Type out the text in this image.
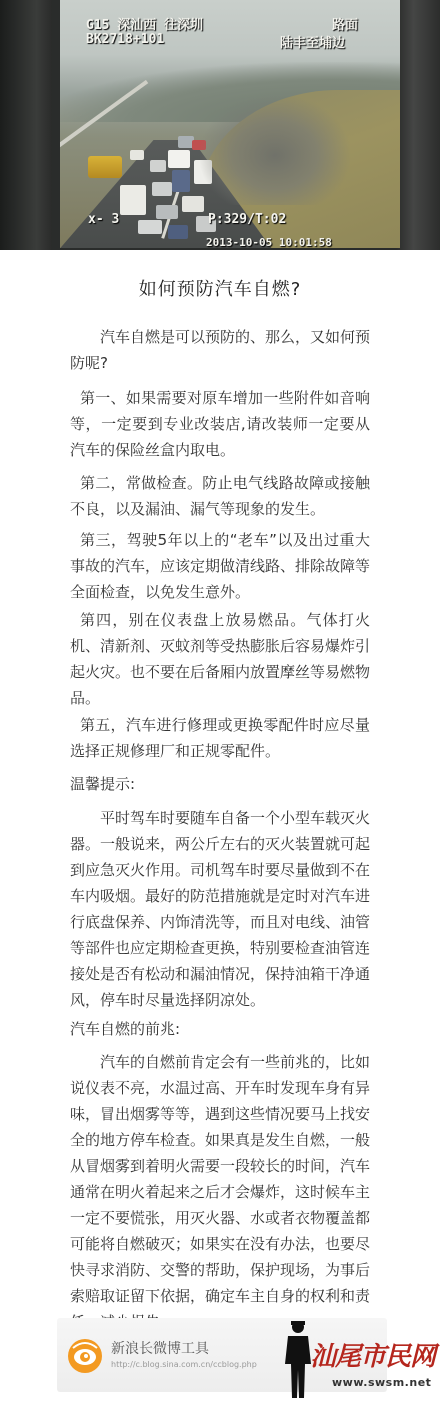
G15 深汕西 往深圳
BK2718+101
路面
陆丰至埔边
x- 3	P:329/T:02
2013-10-05 10:01:58
如何预防汽车自燃?
汽车自燃是可以预防的、那么，又如何预防呢?
第一、如果需要对原车增加一些附件如音响等，一定要到专业改装店,请改装师一定要从汽车的保险丝盒内取电。
第二，常做检查。防止电气线路故障或接触不良，以及漏油、漏气等现象的发生。
第三，驾驶5年以上的“老车”以及出过重大事故的汽车，应该定期做清线路、排除故障等全面检查，以免发生意外。
第四，别在仪表盘上放易燃品。气体打火机、清新剂、灭蚊剂等受热膨胀后容易爆炸引起火灾。也不要在后备厢内放置摩丝等易燃物品。
第五，汽车进行修理或更换零配件时应尽量选择正规修理厂和正规零配件。
温馨提示:
平时驾车时要随车自备一个小型车载灭火器。一般说来，两公斤左右的灭火装置就可起到应急灭火作用。司机驾车时要尽量做到不在车内吸烟。最好的防范措施就是定时对汽车进行底盘保养、内饰清洗等，而且对电线、油管等部件也应定期检查更换，特别要检查油管连接处是否有松动和漏油情况，保持油箱干净通风，停车时尽量选择阴凉处。
汽车自燃的前兆:
汽车的自燃前肯定会有一些前兆的，比如说仪表不亮，水温过高、开车时发现车身有异味，冒出烟雾等等，遇到这些情况要马上找安全的地方停车检查。如果真是发生自燃，一般从冒烟雾到着明火需要一段较长的时间，汽车通常在明火着起来之后才会爆炸，这时候车主一定不要慌张，用灭火器、水或者衣物覆盖都可能将自燃破灭；如果实在没有办法，也要尽快寻求消防、交警的帮助，保护现场，为事后索赔取证留下依据，确定车主自身的权利和责
新浪长微博工具
http://c.blog.sina.com.cn/ccblog.php 汕尾市民网
www.swsm.net
